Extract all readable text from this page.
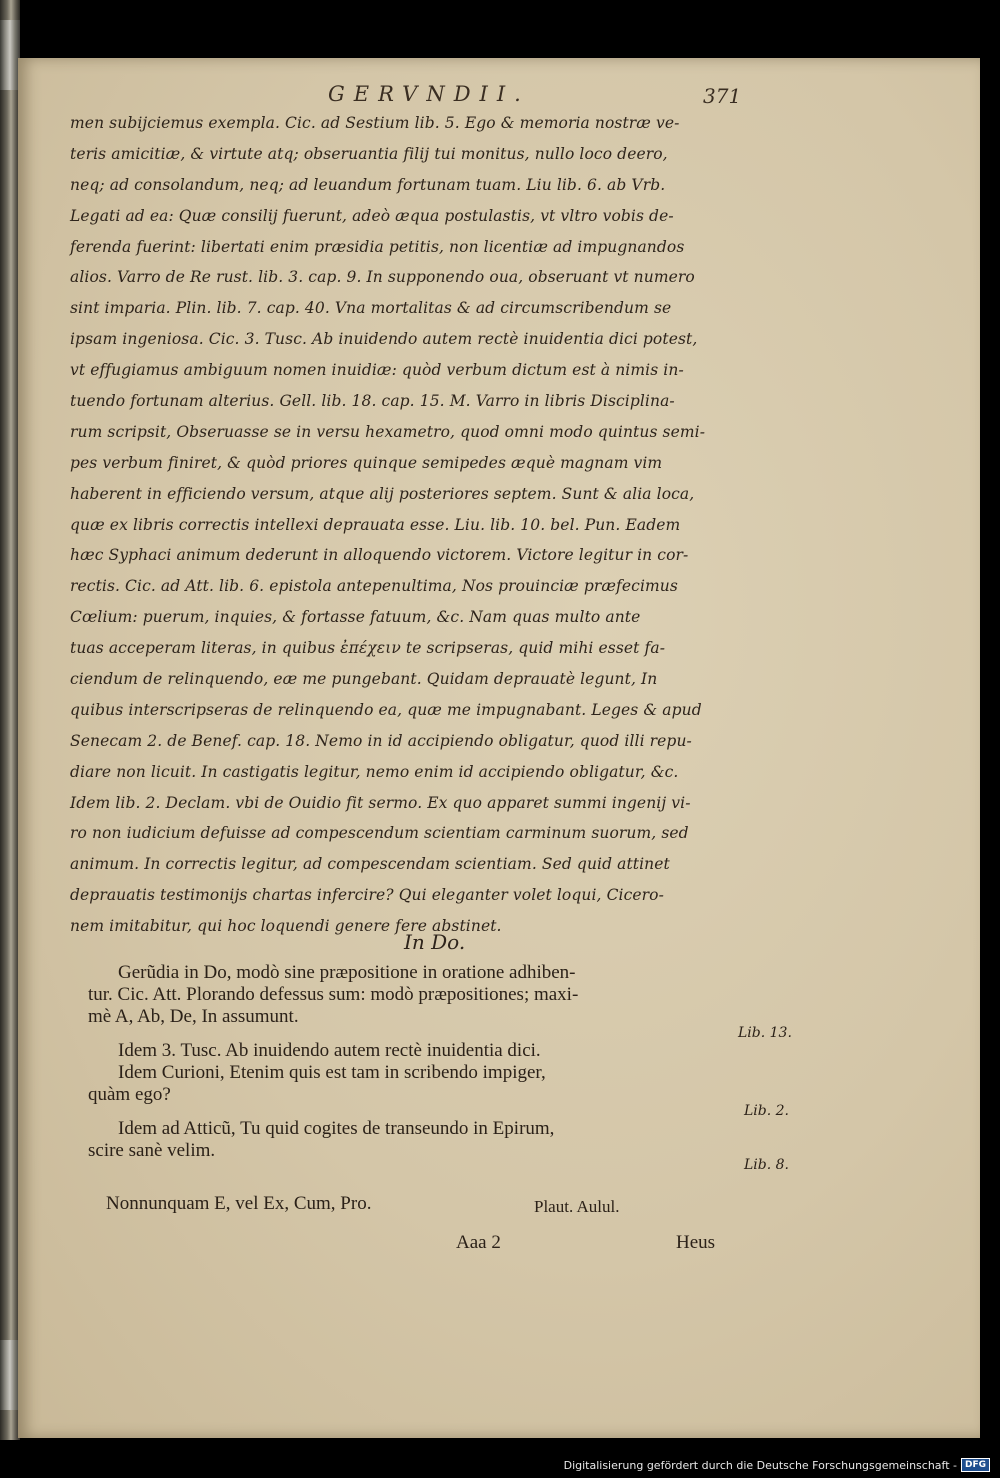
GERVNDII.	371
men subijciemus exempla. Cic. ad Sestium lib. 5. Ego & memoria nostræ ve-
teris amicitiæ, & virtute atq; obseruantia filij tui monitus, nullo loco deero,
neq; ad consolandum, neq; ad leuandum fortunam tuam. Liu lib. 6. ab Vrb.
Legati ad ea: Quæ consilij fuerunt, adeò æqua postulastis, vt vltro vobis de-
ferenda fuerint: libertati enim præsidia petitis, non licentiæ ad impugnandos
alios. Varro de Re rust. lib. 3. cap. 9. In supponendo oua, obseruant vt numero
sint imparia. Plin. lib. 7. cap. 40. Vna mortalitas & ad circumscribendum se
ipsam ingeniosa. Cic. 3. Tusc. Ab inuidendo autem rectè inuidentia dici potest,
vt effugiamus ambiguum nomen inuidiæ: quòd verbum dictum est à nimis in-
tuendo fortunam alterius. Gell. lib. 18. cap. 15. M. Varro in libris Disciplina-
rum scripsit, Obseruasse se in versu hexametro, quod omni modo quintus semi-
pes verbum finiret, & quòd priores quinque semipedes æquè magnam vim
haberent in efficiendo versum, atque alij posteriores septem. Sunt & alia loca,
quæ ex libris correctis intellexi deprauata esse. Liu. lib. 10. bel. Pun. Eadem
hæc Syphaci animum dederunt in alloquendo victorem. Victore legitur in cor-
rectis. Cic. ad Att. lib. 6. epistola antepenultima, Nos prouinciæ præfecimus
Cœlium: puerum, inquies, & fortasse fatuum, &c. Nam quas multo ante
tuas acceperam literas, in quibus ἐπέχειν te scripseras, quid mihi esset fa-
ciendum de relinquendo, eæ me pungebant. Quidam deprauatè legunt, In
quibus interscripseras de relinquendo ea, quæ me impugnabant. Leges & apud
Senecam 2. de Benef. cap. 18. Nemo in id accipiendo obligatur, quod illi repu-
diare non licuit. In castigatis legitur, nemo enim id accipiendo obligatur, &c.
Idem lib. 2. Declam. vbi de Ouidio fit sermo. Ex quo apparet summi ingenij vi-
ro non iudicium defuisse ad compescendum scientiam carminum suorum, sed
animum. In correctis legitur, ad compescendam scientiam. Sed quid attinet
deprauatis testimonijs chartas infercire? Qui eleganter volet loqui, Cicero-
nem imitabitur, qui hoc loquendi genere fere abstinet.
In Do.
Gerũdia in Do, modò sine præpositione in oratione adhiben-
tur. Cic. Att. Plorando defessus sum: modò præpositiones; maxi-
mè A, Ab, De, In assumunt.
Idem 3. Tusc. Ab inuidendo autem rectè inuidentia dici.
Idem Curioni, Etenim quis est tam in scribendo impiger,
quàm ego?
Idem ad Atticũ, Tu quid cogites de transeundo in Epirum,
scire sanè velim.
Lib. 13.
Lib. 2.
Lib. 8.
Nonnunquam E, vel Ex, Cum, Pro.	Plaut. Aulul.
Aaa 2	Heus
Digitalisierung gefördert durch die Deutsche Forschungsgemeinschaft - DFG
